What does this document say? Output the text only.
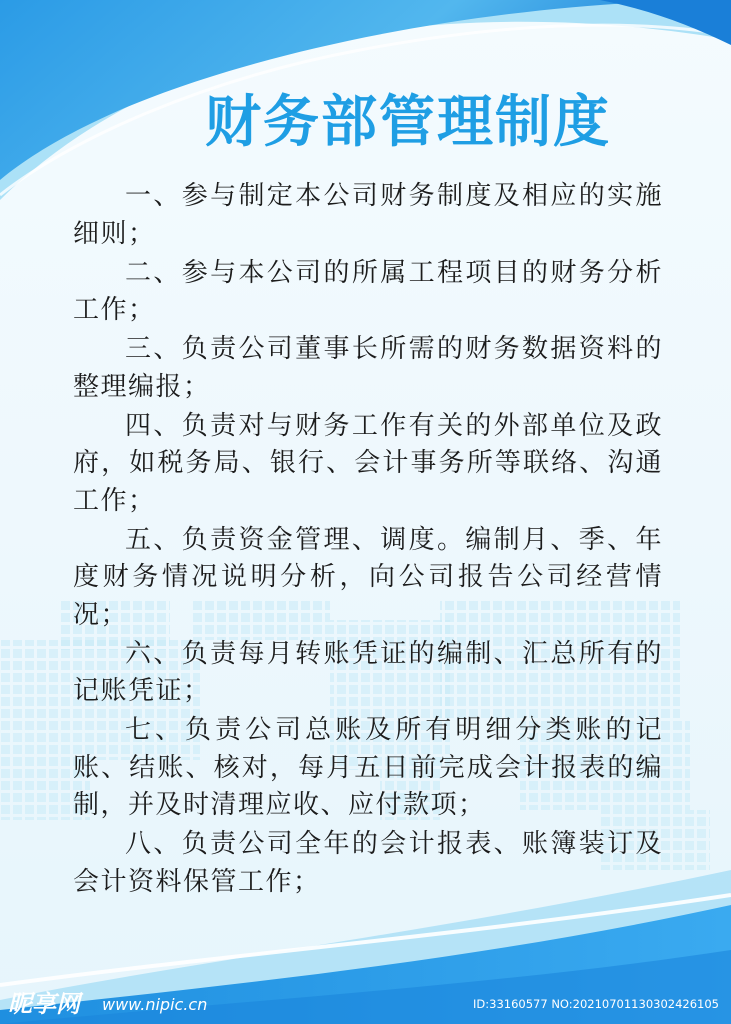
财务部管理制度

一、参与制定本公司财务制度及相应的实施细则；

二、参与本公司的所属工程项目的财务分析工作；

三、负责公司董事长所需的财务数据资料的整理编报；

四、负责对与财务工作有关的外部单位及政府，如税务局、银行、会计事务所等联络、沟通工作；

五、负责资金管理、调度。编制月、季、年度财务情况说明分析，向公司报告公司经营情况；

六、负责每月转账凭证的编制、汇总所有的记账凭证；

七、负责公司总账及所有明细分类账的记账、结账、核对，每月五日前完成会计报表的编制，并及时清理应收、应付款项；

八、负责公司全年的会计报表、账簿装订及会计资料保管工作；

昵享网 www.nipic.cn	ID:33160577 NO:20210701130302426105
